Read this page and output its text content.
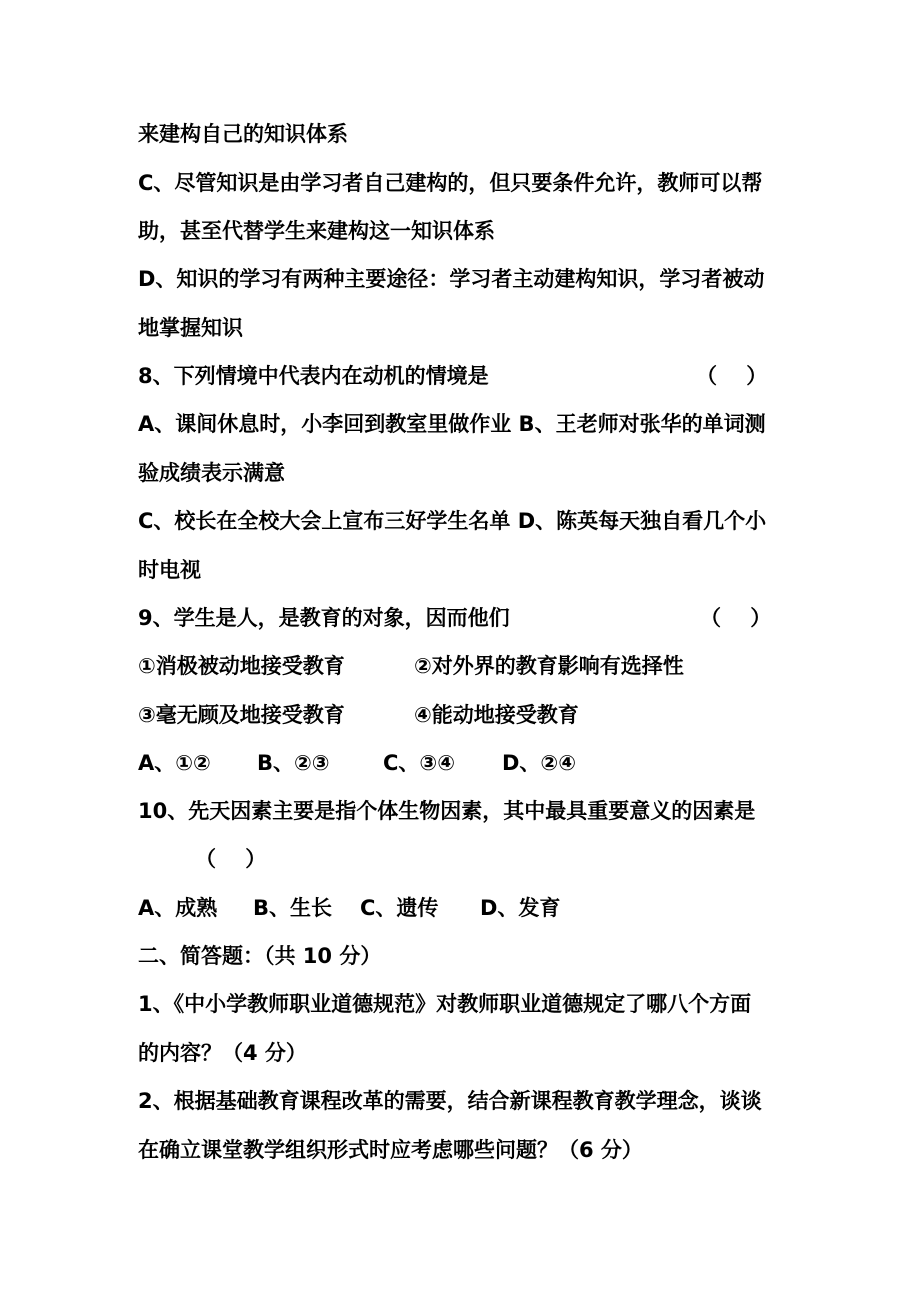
来建构自己的知识体系
C、尽管知识是由学习者自己建构的，但只要条件允许，教师可以帮
助，甚至代替学生来建构这一知识体系
D、知识的学习有两种主要途径：学习者主动建构知识，学习者被动
地掌握知识

8、下列情境中代表内在动机的情境是

	（    ）

A、课间休息时，小李回到教室里做作业 B、王老师对张华的单词测
验成绩表示满意
C、校长在全校大会上宣布三好学生名单 D、陈英每天独自看几个小
时电视

9、学生是人，是教育的对象，因而他们

	（    ）

①消极被动地接受教育

	②对外界的教育影响有选择性

③毫无顾及地接受教育

	④能动地接受教育

A、①②

B、②③

	C、③④

D、②④

10、先天因素主要是指个体生物因素，其中最具重要意义的因素是
（    ）

A、成熟

B、生长

C、遗传

D、发育

二、简答题：（共 10 分）
1、《中小学教师职业道德规范》对教师职业道德规定了哪八个方面
的内容？（4 分）
2、根据基础教育课程改革的需要，结合新课程教育教学理念，谈谈
在确立课堂教学组织形式时应考虑哪些问题？（6 分）
